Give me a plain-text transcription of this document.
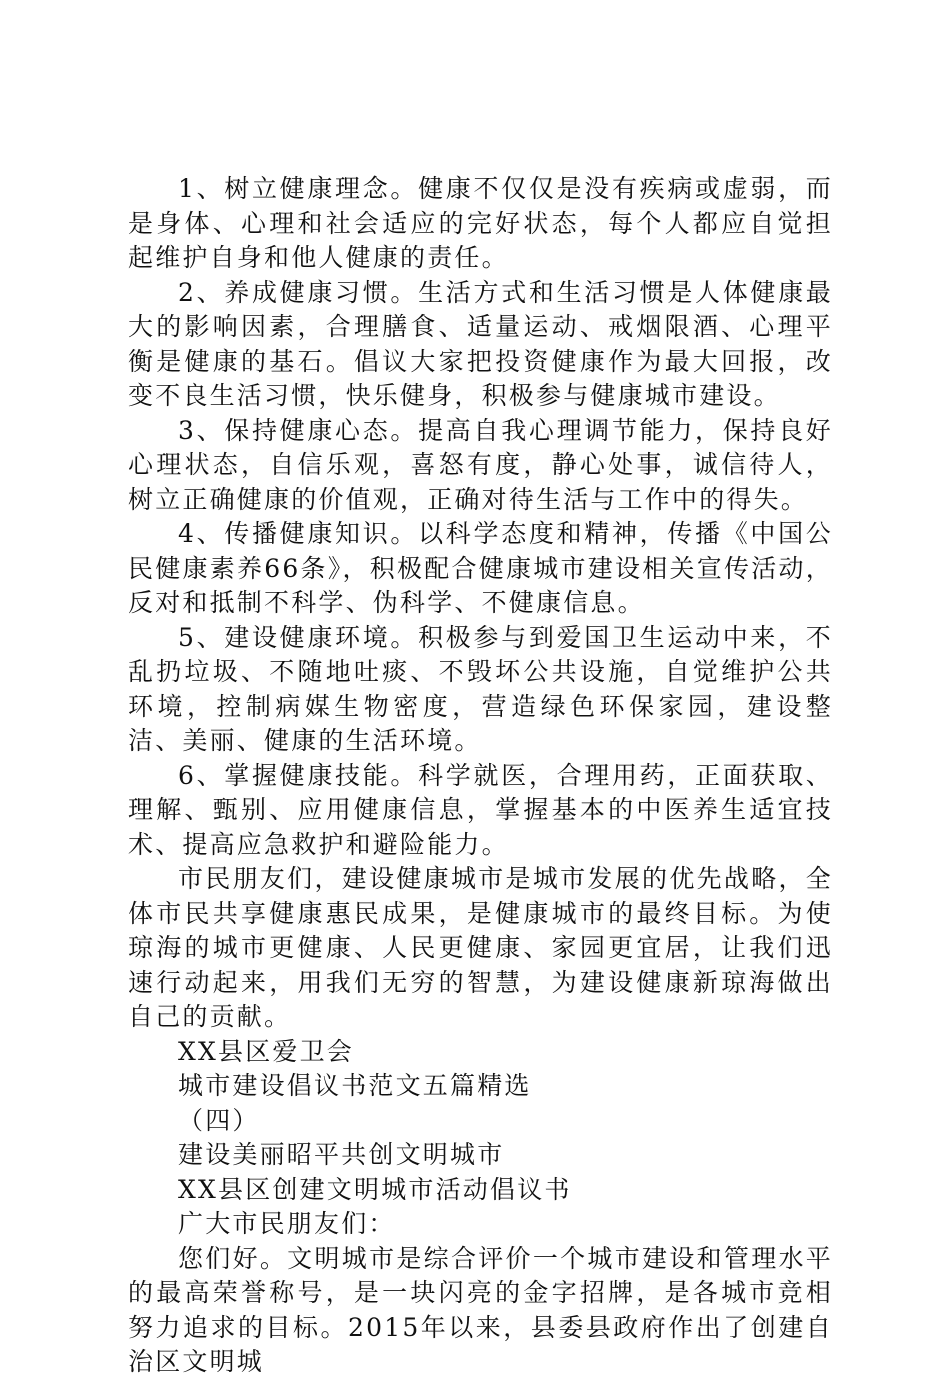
1、树立健康理念。健康不仅仅是没有疾病或虚弱，而是身体、心理和社会适应的完好状态，每个人都应自觉担起维护自身和他人健康的责任。

2、养成健康习惯。生活方式和生活习惯是人体健康最大的影响因素，合理膳食、适量运动、戒烟限酒、心理平衡是健康的基石。倡议大家把投资健康作为最大回报，改变不良生活习惯，快乐健身，积极参与健康城市建设。

3、保持健康心态。提高自我心理调节能力，保持良好心理状态，自信乐观，喜怒有度，静心处事，诚信待人，树立正确健康的价值观，正确对待生活与工作中的得失。

4、传播健康知识。以科学态度和精神，传播《中国公民健康素养66条》，积极配合健康城市建设相关宣传活动，反对和抵制不科学、伪科学、不健康信息。

5、建设健康环境。积极参与到爱国卫生运动中来，不乱扔垃圾、不随地吐痰、不毁坏公共设施，自觉维护公共环境，控制病媒生物密度，营造绿色环保家园，建设整洁、美丽、健康的生活环境。

6、掌握健康技能。科学就医，合理用药，正面获取、理解、甄别、应用健康信息，掌握基本的中医养生适宜技术、提高应急救护和避险能力。

市民朋友们，建设健康城市是城市发展的优先战略，全体市民共享健康惠民成果，是健康城市的最终目标。为使琼海的城市更健康、人民更健康、家园更宜居，让我们迅速行动起来，用我们无穷的智慧，为建设健康新琼海做出自己的贡献。

XX县区爱卫会

城市建设倡议书范文五篇精选

（四）

建设美丽昭平共创文明城市

XX县区创建文明城市活动倡议书

广大市民朋友们：

您们好。文明城市是综合评价一个城市建设和管理水平的最高荣誉称号，是一块闪亮的金字招牌，是各城市竞相努力追求的目标。2015年以来，县委县政府作出了创建自治区文明城
